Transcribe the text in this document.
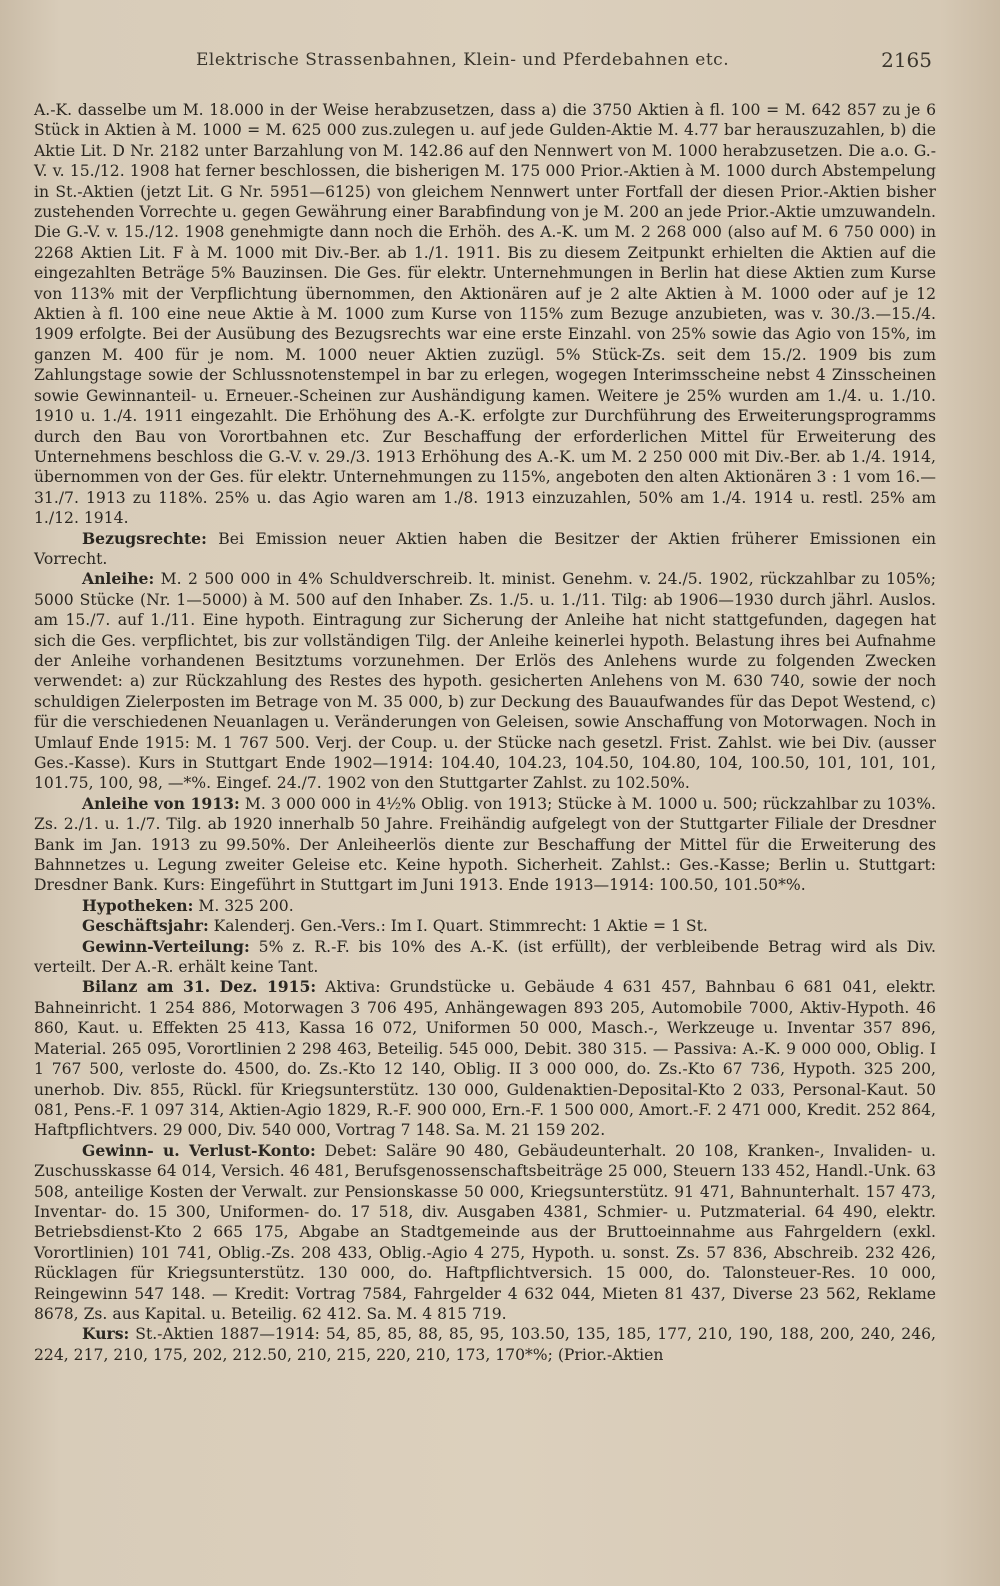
Elektrische Strassenbahnen, Klein- und Pferdebahnen etc.	2165

A.-K. dasselbe um M. 18.000 in der Weise herabzusetzen, dass a) die 3750 Aktien à fl. 100 = M. 642 857 zu je 6 Stück in Aktien à M. 1000 = M. 625 000 zus.zulegen u. auf jede Gulden-Aktie M. 4.77 bar herauszuzahlen, b) die Aktie Lit. D Nr. 2182 unter Barzahlung von M. 142.86 auf den Nennwert von M. 1000 herabzusetzen. Die a.o. G.-V. v. 15./12. 1908 hat ferner beschlossen, die bisherigen M. 175 000 Prior.-Aktien à M. 1000 durch Abstempelung in St.-Aktien (jetzt Lit. G Nr. 5951—6125) von gleichem Nennwert unter Fortfall der diesen Prior.-Aktien bisher zustehenden Vorrechte u. gegen Gewährung einer Barabfindung von je M. 200 an jede Prior.-Aktie umzuwandeln. Die G.-V. v. 15./12. 1908 genehmigte dann noch die Erhöh. des A.-K. um M. 2 268 000 (also auf M. 6 750 000) in 2268 Aktien Lit. F à M. 1000 mit Div.-Ber. ab 1./1. 1911. Bis zu diesem Zeitpunkt erhielten die Aktien auf die eingezahlten Beträge 5% Bauzinsen. Die Ges. für elektr. Unternehmungen in Berlin hat diese Aktien zum Kurse von 113% mit der Verpflichtung übernommen, den Aktionären auf je 2 alte Aktien à M. 1000 oder auf je 12 Aktien à fl. 100 eine neue Aktie à M. 1000 zum Kurse von 115% zum Bezuge anzubieten, was v. 30./3.—15./4. 1909 erfolgte. Bei der Ausübung des Bezugsrechts war eine erste Einzahl. von 25% sowie das Agio von 15%, im ganzen M. 400 für je nom. M. 1000 neuer Aktien zuzügl. 5% Stück-Zs. seit dem 15./2. 1909 bis zum Zahlungstage sowie der Schlussnotenstempel in bar zu erlegen, wogegen Interimsscheine nebst 4 Zinsscheinen sowie Gewinnanteil- u. Erneuer.-Scheinen zur Aushändigung kamen. Weitere je 25% wurden am 1./4. u. 1./10. 1910 u. 1./4. 1911 eingezahlt. Die Erhöhung des A.-K. erfolgte zur Durchführung des Erweiterungsprogramms durch den Bau von Vorortbahnen etc. Zur Beschaffung der erforderlichen Mittel für Erweiterung des Unternehmens beschloss die G.-V. v. 29./3. 1913 Erhöhung des A.-K. um M. 2 250 000 mit Div.-Ber. ab 1./4. 1914, übernommen von der Ges. für elektr. Unternehmungen zu 115%, angeboten den alten Aktionären 3 : 1 vom 16.—31./7. 1913 zu 118%. 25% u. das Agio waren am 1./8. 1913 einzuzahlen, 50% am 1./4. 1914 u. restl. 25% am 1./12. 1914.

Bezugsrechte: Bei Emission neuer Aktien haben die Besitzer der Aktien früherer Emissionen ein Vorrecht.

Anleihe: M. 2 500 000 in 4% Schuldverschreib. lt. minist. Genehm. v. 24./5. 1902, rückzahlbar zu 105%; 5000 Stücke (Nr. 1—5000) à M. 500 auf den Inhaber. Zs. 1./5. u. 1./11. Tilg: ab 1906—1930 durch jährl. Auslos. am 15./7. auf 1./11. Eine hypoth. Eintragung zur Sicherung der Anleihe hat nicht stattgefunden, dagegen hat sich die Ges. verpflichtet, bis zur vollständigen Tilg. der Anleihe keinerlei hypoth. Belastung ihres bei Aufnahme der Anleihe vorhandenen Besitztums vorzunehmen. Der Erlös des Anlehens wurde zu folgenden Zwecken verwendet: a) zur Rückzahlung des Restes des hypoth. gesicherten Anlehens von M. 630 740, sowie der noch schuldigen Zielerposten im Betrage von M. 35 000, b) zur Deckung des Bauaufwandes für das Depot Westend, c) für die verschiedenen Neuanlagen u. Veränderungen von Geleisen, sowie Anschaffung von Motorwagen. Noch in Umlauf Ende 1915: M. 1 767 500. Verj. der Coup. u. der Stücke nach gesetzl. Frist. Zahlst. wie bei Div. (ausser Ges.-Kasse). Kurs in Stuttgart Ende 1902—1914: 104.40, 104.23, 104.50, 104.80, 104, 100.50, 101, 101, 101, 101.75, 100, 98, —*%. Eingef. 24./7. 1902 von den Stuttgarter Zahlst. zu 102.50%.

Anleihe von 1913: M. 3 000 000 in 4½% Oblig. von 1913; Stücke à M. 1000 u. 500; rückzahlbar zu 103%. Zs. 2./1. u. 1./7. Tilg. ab 1920 innerhalb 50 Jahre. Freihändig aufgelegt von der Stuttgarter Filiale der Dresdner Bank im Jan. 1913 zu 99.50%. Der Anleiheerlös diente zur Beschaffung der Mittel für die Erweiterung des Bahnnetzes u. Legung zweiter Geleise etc. Keine hypoth. Sicherheit. Zahlst.: Ges.-Kasse; Berlin u. Stuttgart: Dresdner Bank. Kurs: Eingeführt in Stuttgart im Juni 1913. Ende 1913—1914: 100.50, 101.50*%.

Hypotheken: M. 325 200.

Geschäftsjahr: Kalenderj. Gen.-Vers.: Im I. Quart. Stimmrecht: 1 Aktie = 1 St.

Gewinn-Verteilung: 5% z. R.-F. bis 10% des A.-K. (ist erfüllt), der verbleibende Betrag wird als Div. verteilt. Der A.-R. erhält keine Tant.

Bilanz am 31. Dez. 1915: Aktiva: Grundstücke u. Gebäude 4 631 457, Bahnbau 6 681 041, elektr. Bahneinricht. 1 254 886, Motorwagen 3 706 495, Anhängewagen 893 205, Automobile 7000, Aktiv-Hypoth. 46 860, Kaut. u. Effekten 25 413, Kassa 16 072, Uniformen 50 000, Masch.-, Werkzeuge u. Inventar 357 896, Material. 265 095, Vorortlinien 2 298 463, Beteilig. 545 000, Debit. 380 315. — Passiva: A.-K. 9 000 000, Oblig. I 1 767 500, verloste do. 4500, do. Zs.-Kto 12 140, Oblig. II 3 000 000, do. Zs.-Kto 67 736, Hypoth. 325 200, unerhob. Div. 855, Rückl. für Kriegsunterstütz. 130 000, Guldenaktien-Deposital-Kto 2 033, Personal-Kaut. 50 081, Pens.-F. 1 097 314, Aktien-Agio 1829, R.-F. 900 000, Ern.-F. 1 500 000, Amort.-F. 2 471 000, Kredit. 252 864, Haftpflichtvers. 29 000, Div. 540 000, Vortrag 7 148. Sa. M. 21 159 202.

Gewinn- u. Verlust-Konto: Debet: Saläre 90 480, Gebäudeunterhalt. 20 108, Kranken-, Invaliden- u. Zuschusskasse 64 014, Versich. 46 481, Berufsgenossenschaftsbeiträge 25 000, Steuern 133 452, Handl.-Unk. 63 508, anteilige Kosten der Verwalt. zur Pensionskasse 50 000, Kriegsunterstütz. 91 471, Bahnunterhalt. 157 473, Inventar- do. 15 300, Uniformen- do. 17 518, div. Ausgaben 4381, Schmier- u. Putzmaterial. 64 490, elektr. Betriebsdienst-Kto 2 665 175, Abgabe an Stadtgemeinde aus der Bruttoeinnahme aus Fahrgeldern (exkl. Vorortlinien) 101 741, Oblig.-Zs. 208 433, Oblig.-Agio 4 275, Hypoth. u. sonst. Zs. 57 836, Abschreib. 232 426, Rücklagen für Kriegsunterstütz. 130 000, do. Haftpflichtversich. 15 000, do. Talonsteuer-Res. 10 000, Reingewinn 547 148. — Kredit: Vortrag 7584, Fahrgelder 4 632 044, Mieten 81 437, Diverse 23 562, Reklame 8678, Zs. aus Kapital. u. Beteilig. 62 412. Sa. M. 4 815 719.

Kurs: St.-Aktien 1887—1914: 54, 85, 85, 88, 85, 95, 103.50, 135, 185, 177, 210, 190, 188, 200, 240, 246, 224, 217, 210, 175, 202, 212.50, 210, 215, 220, 210, 173, 170*%; (Prior.-Aktien
